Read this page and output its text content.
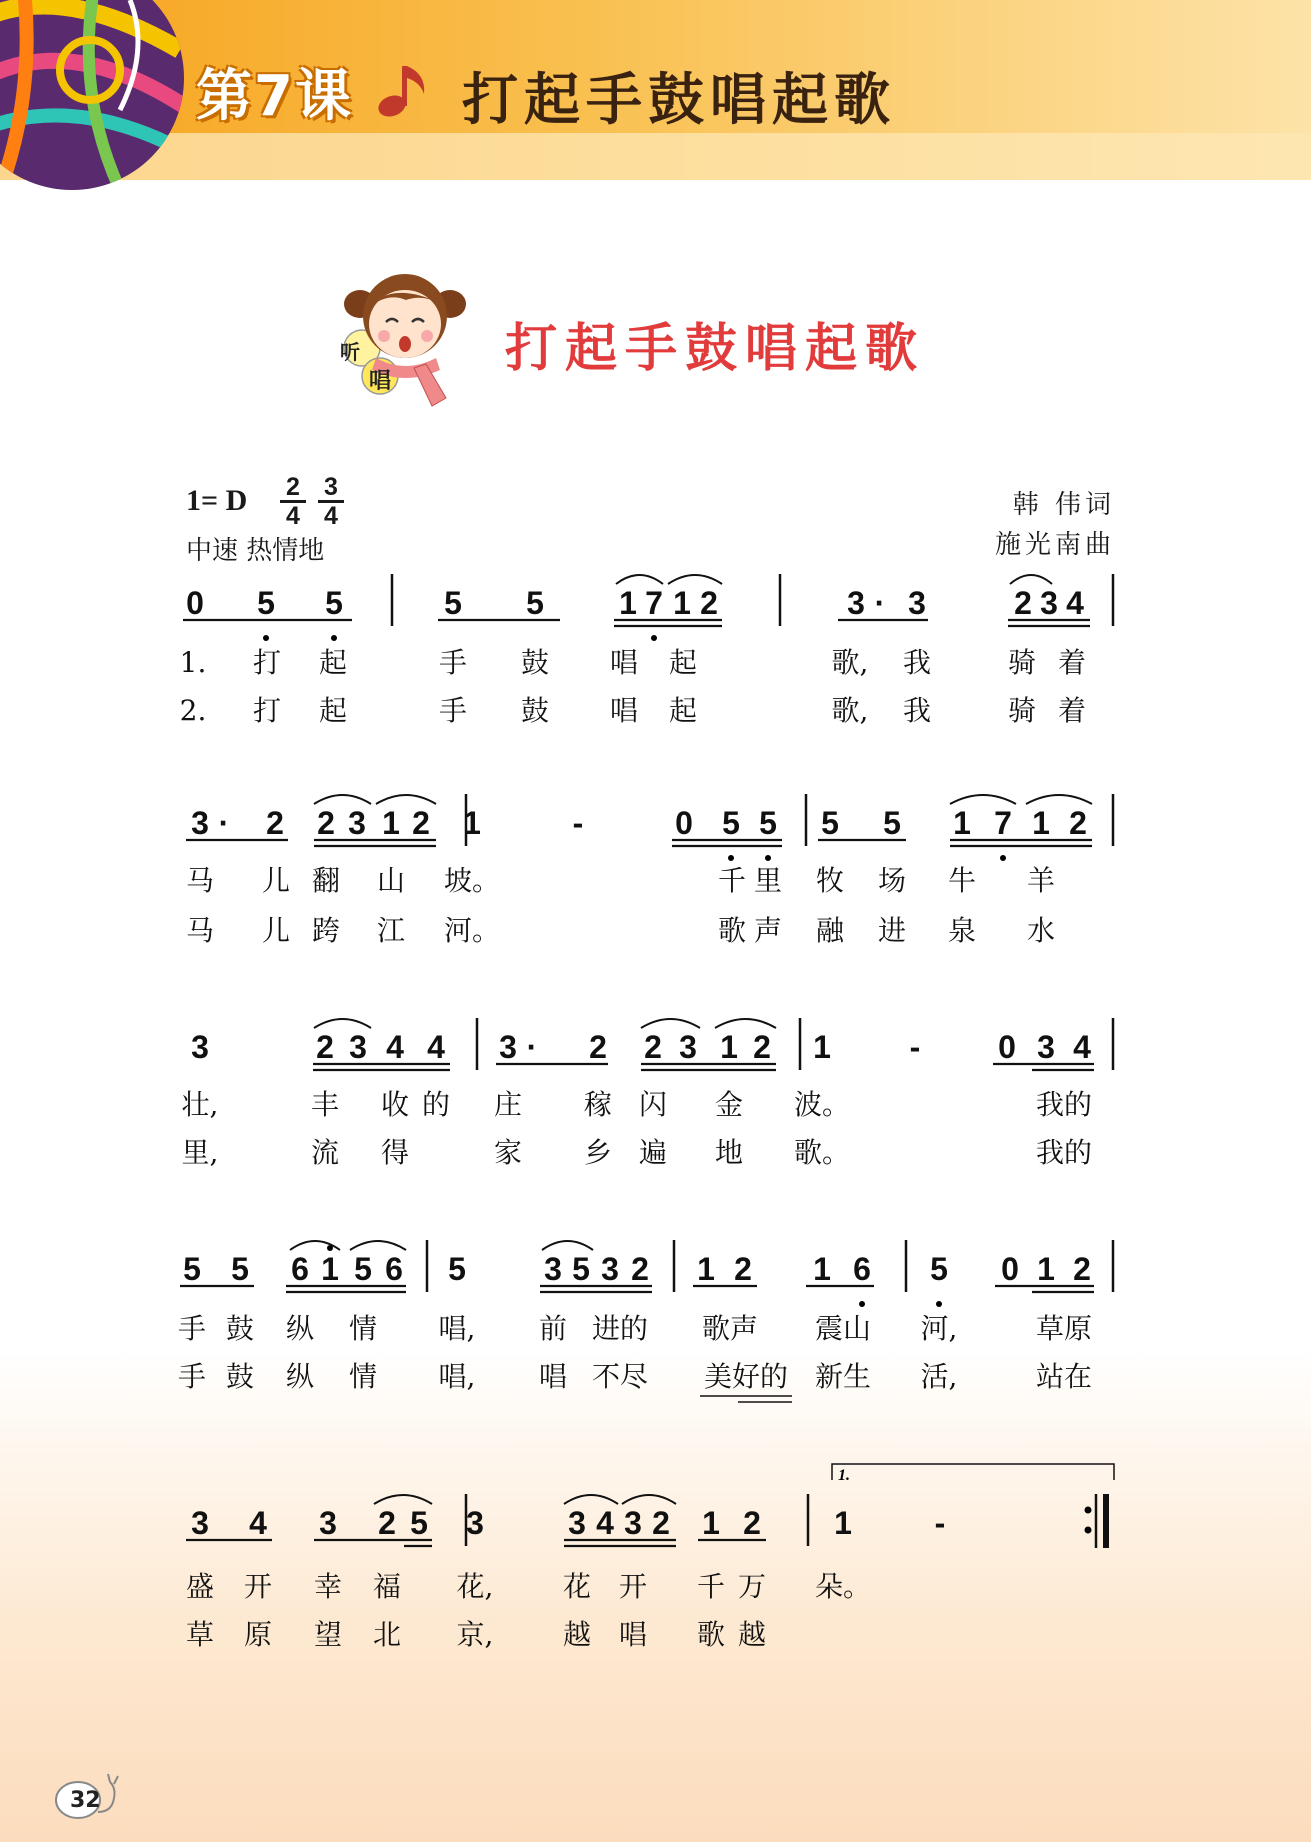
第7课 打起手鼓唱起歌
听
唱
打起手鼓唱起歌
1= D $\frac{2}{4} \frac{3}{4}$
中速 热情地
韩 伟词
施光南曲
0 5 5	5 5 1 7 1 2	3 · 3	2 3 4
1. 打 起	手 鼓 唱 起	歌, 我	骑 着
2. 打 起	手 鼓 唱 起	歌, 我	骑 着
3 · 2 2 3 1 2 1	-	0 5 5 5 5 1 7 1 2
马 儿 翻 山 坡。	千 里 牧 场 牛 羊
马 儿 跨 江 河。	歌 声 融 进 泉 水
3	2 3 4 4 3 · 2 2 3 1 2 1 - 0 3 4
壮,	丰 收 的 庄 稼 闪 金 波。	我的
里,	流 得	家 乡 遍 地 歌。	我的
5 5 6 1 5 6 5 3 5 3 2 1 2 1 6 5 0 1 2
手 鼓 纵 情 唱, 前 进的 歌声 震山 河,	草原
手 鼓 纵 情 唱, 唱 不尽 美好的 新生 活,	站在
3 4 3 2 5 3	3 4 3 2 1 2 1	-
盛 开 幸 福 花, 花 开 千 万 朵。
草 原 望 北 京, 越 唱 歌 越
1.
32
